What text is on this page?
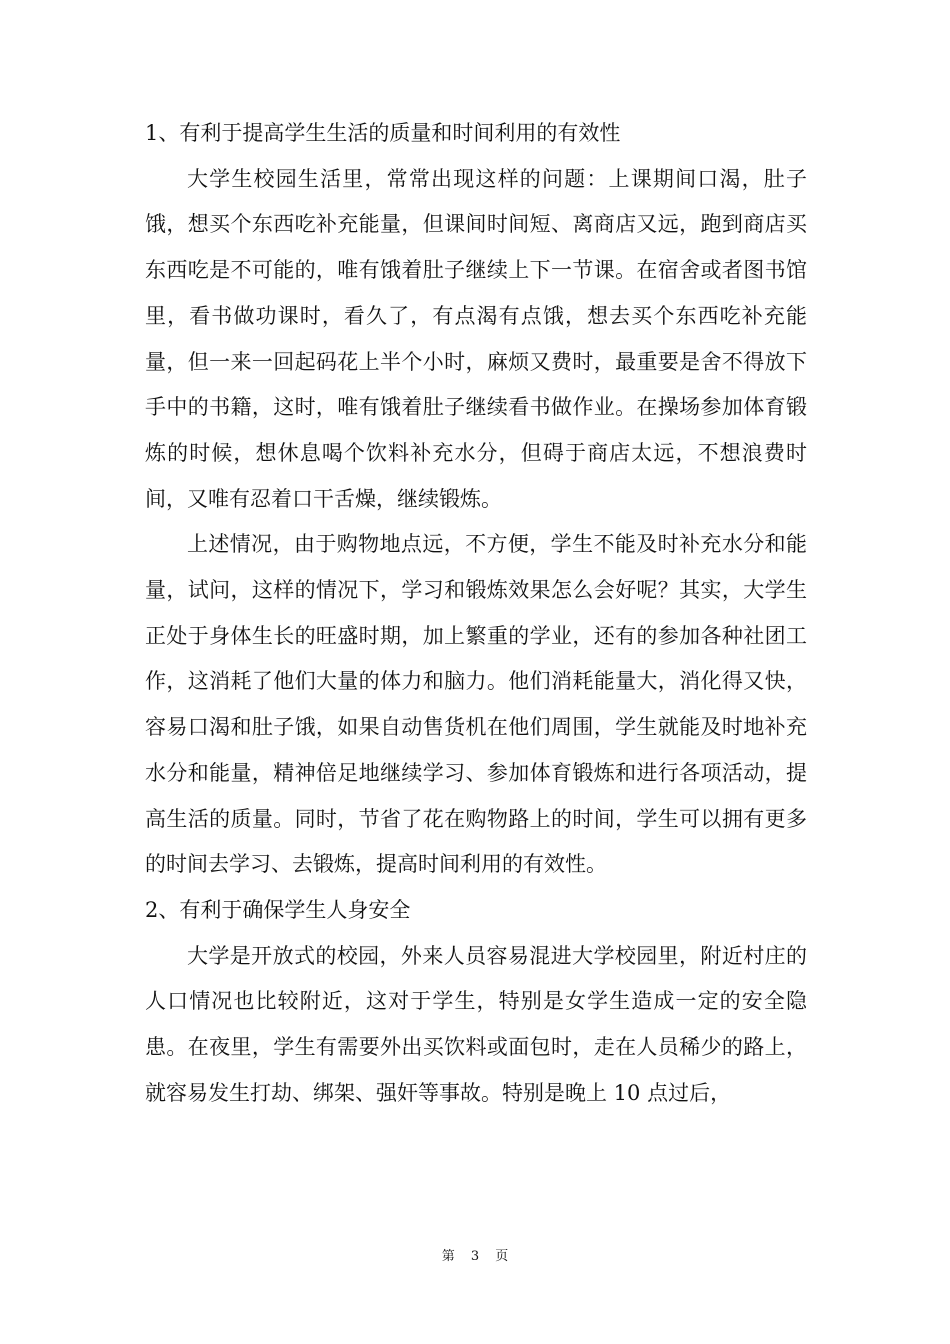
1、有利于提高学生生活的质量和时间利用的有效性

大学生校园生活里，常常出现这样的问题：上课期间口渴，肚子饿，想买个东西吃补充能量，但课间时间短、离商店又远，跑到商店买东西吃是不可能的，唯有饿着肚子继续上下一节课。在宿舍或者图书馆里，看书做功课时，看久了，有点渴有点饿，想去买个东西吃补充能量，但一来一回起码花上半个小时，麻烦又费时，最重要是舍不得放下手中的书籍，这时，唯有饿着肚子继续看书做作业。在操场参加体育锻炼的时候，想休息喝个饮料补充水分，但碍于商店太远，不想浪费时间，又唯有忍着口干舌燥，继续锻炼。

上述情况，由于购物地点远，不方便，学生不能及时补充水分和能量，试问，这样的情况下，学习和锻炼效果怎么会好呢？其实，大学生正处于身体生长的旺盛时期，加上繁重的学业，还有的参加各种社团工作，这消耗了他们大量的体力和脑力。他们消耗能量大，消化得又快，容易口渴和肚子饿，如果自动售货机在他们周围，学生就能及时地补充水分和能量，精神倍足地继续学习、参加体育锻炼和进行各项活动，提高生活的质量。同时，节省了花在购物路上的时间，学生可以拥有更多的时间去学习、去锻炼，提高时间利用的有效性。

2、有利于确保学生人身安全

大学是开放式的校园，外来人员容易混进大学校园里，附近村庄的人口情况也比较附近，这对于学生，特别是女学生造成一定的安全隐患。在夜里，学生有需要外出买饮料或面包时，走在人员稀少的路上，就容易发生打劫、绑架、强奸等事故。特别是晚上 10 点过后，

第 3 页
